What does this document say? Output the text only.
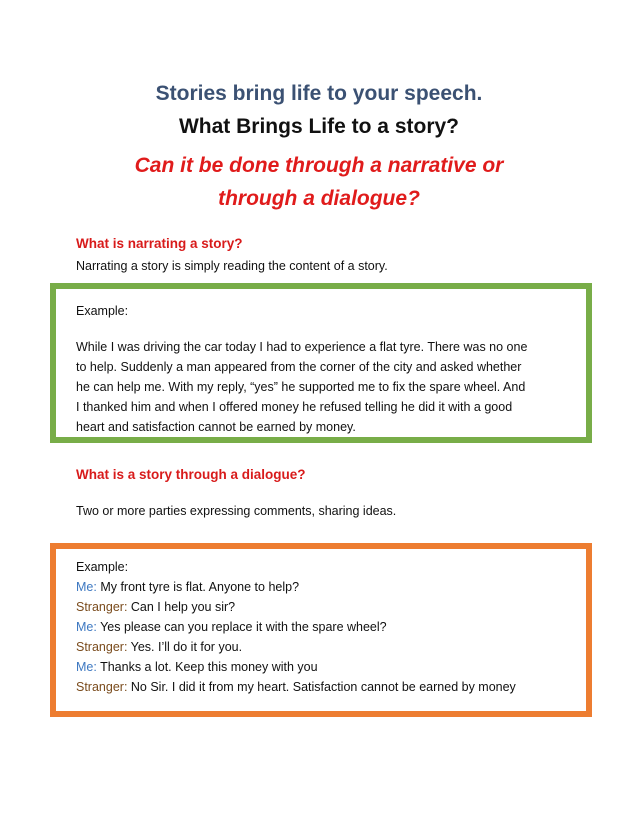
Stories bring life to your speech.
What Brings Life to a story?
Can it be done through a narrative or
through a dialogue?
What is narrating a story?
Narrating a story is simply reading the content of a story.
Example:
While I was driving the car today I had to experience a flat tyre. There was no one
to help. Suddenly a man appeared from the corner of the city and asked whether
he can help me. With my reply, “yes” he supported me to fix the spare wheel. And
I thanked him and when I offered money he refused telling he did it with a good
heart and satisfaction cannot be earned by money.
What is a story through a dialogue?
Two or more parties expressing comments, sharing ideas.
Example:
Me: My front tyre is flat. Anyone to help?
Stranger: Can I help you sir?
Me: Yes please can you replace it with the spare wheel?
Stranger: Yes. I’ll do it for you.
Me: Thanks a lot. Keep this money with you
Stranger: No Sir. I did it from my heart. Satisfaction cannot be earned by money
